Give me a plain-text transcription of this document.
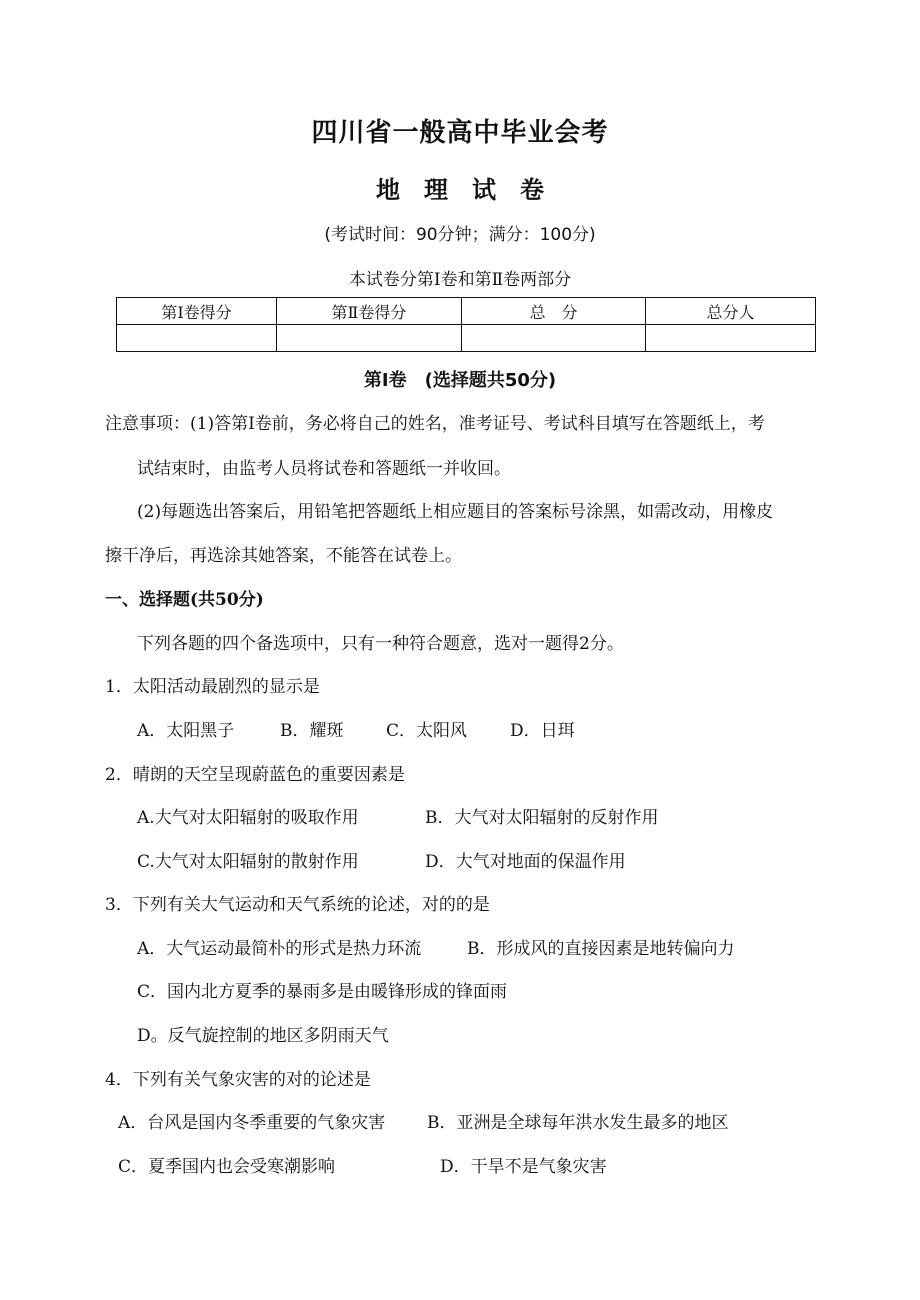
四川省一般高中毕业会考
地　理　试　卷
(考试时间：90分钟；满分：100分)
本试卷分第Ⅰ卷和第Ⅱ卷两部分
第Ⅰ卷得分	第Ⅱ卷得分	总　分	总分人

第Ⅰ卷　(选择题共50分)
注意事项：(1)答第Ⅰ卷前，务必将自己的姓名，准考证号、考试科目填写在答题纸上，考
试结束时，由监考人员将试卷和答题纸一并收回。
(2)每题选出答案后，用铅笔把答题纸上相应题目的答案标号涂黑，如需改动，用橡皮
擦干净后，再选涂其她答案，不能答在试卷上。
一、选择题(共50分)
下列各题的四个备选项中，只有一种符合题意，选对一题得2分。
1．太阳活动最剧烈的显示是
A．太阳黑子	B．耀斑	C．太阳风	D．日珥
2．晴朗的天空呈现蔚蓝色的重要因素是
A.大气对太阳辐射的吸取作用	B．大气对太阳辐射的反射作用
C.大气对太阳辐射的散射作用	D．大气对地面的保温作用
3．下列有关大气运动和天气系统的论述，对的的是
A．大气运动最简朴的形式是热力环流	B．形成风的直接因素是地转偏向力
C．国内北方夏季的暴雨多是由暖锋形成的锋面雨
D。反气旋控制的地区多阴雨天气
4．下列有关气象灾害的对的论述是
A．台风是国内冬季重要的气象灾害 B．亚洲是全球每年洪水发生最多的地区
C．夏季国内也会受寒潮影响	D．干旱不是气象灾害
